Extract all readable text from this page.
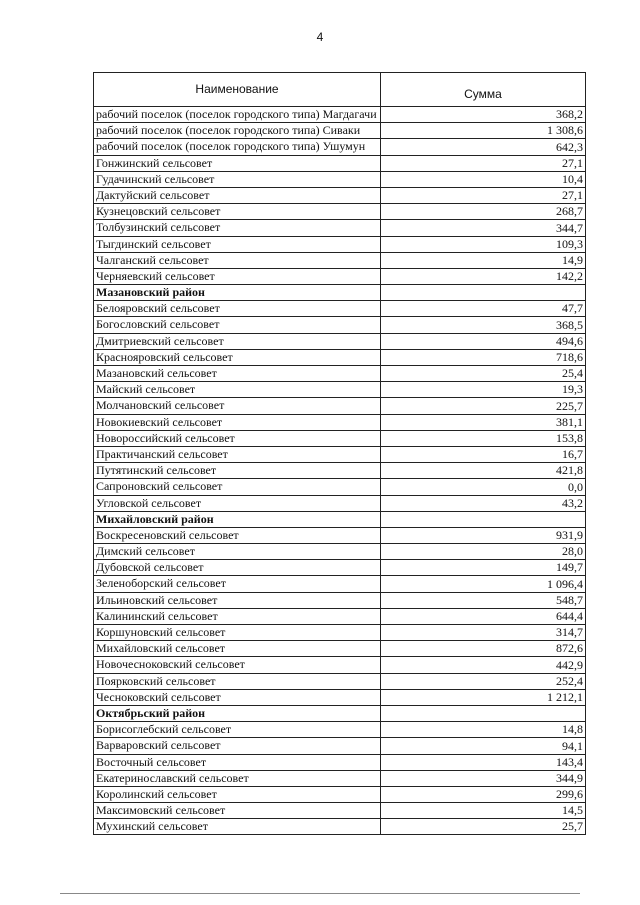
4
Наименование	Сумма
рабочий поселок (поселок городского типа) Магдагачи	368,2
рабочий поселок (поселок городского типа) Сиваки	1 308,6
рабочий поселок (поселок городского типа) Ушумун	642,3
Гонжинский сельсовет	27,1
Гудачинский сельсовет	10,4
Дактуйский сельсовет	27,1
Кузнецовский сельсовет	268,7
Толбузинский сельсовет	344,7
Тыгдинский сельсовет	109,3
Чалганский сельсовет	14,9
Черняевский сельсовет	142,2
Мазановский район	
Белояровский сельсовет	47,7
Богословский сельсовет	368,5
Дмитриевский сельсовет	494,6
Краснояровский сельсовет	718,6
Мазановский сельсовет	25,4
Майский сельсовет	19,3
Молчановский сельсовет	225,7
Новокиевский сельсовет	381,1
Новороссийский сельсовет	153,8
Практичанский сельсовет	16,7
Путятинский сельсовет	421,8
Сапроновский сельсовет	0,0
Угловской сельсовет	43,2
Михайловский район	
Воскресеновский сельсовет	931,9
Димский сельсовет	28,0
Дубовской сельсовет	149,7
Зеленоборский сельсовет	1 096,4
Ильиновский сельсовет	548,7
Калининский сельсовет	644,4
Коршуновский сельсовет	314,7
Михайловский сельсовет	872,6
Новочесноковский сельсовет	442,9
Поярковский сельсовет	252,4
Чесноковский сельсовет	1 212,1
Октябрьский район	
Борисоглебский сельсовет	14,8
Варваровский сельсовет	94,1
Восточный сельсовет	143,4
Екатеринославский сельсовет	344,9
Королинский сельсовет	299,6
Максимовский сельсовет	14,5
Мухинский сельсовет	25,7
